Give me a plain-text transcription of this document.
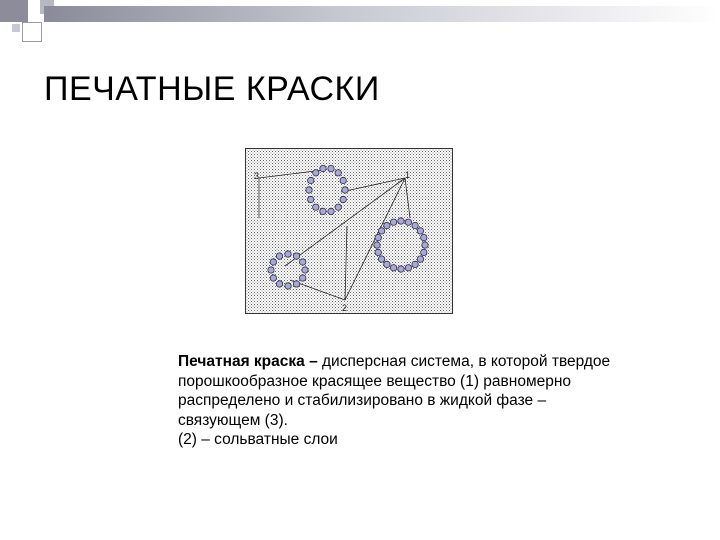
ПЕЧАТНЫЕ КРАСКИ
3	1
2
Печатная краска – дисперсная система, в которой твердое
порошкообразное красящее вещество (1) равномерно
распределено и стабилизировано в жидкой фазе –
связующем (3).
(2) – сольватные слои
